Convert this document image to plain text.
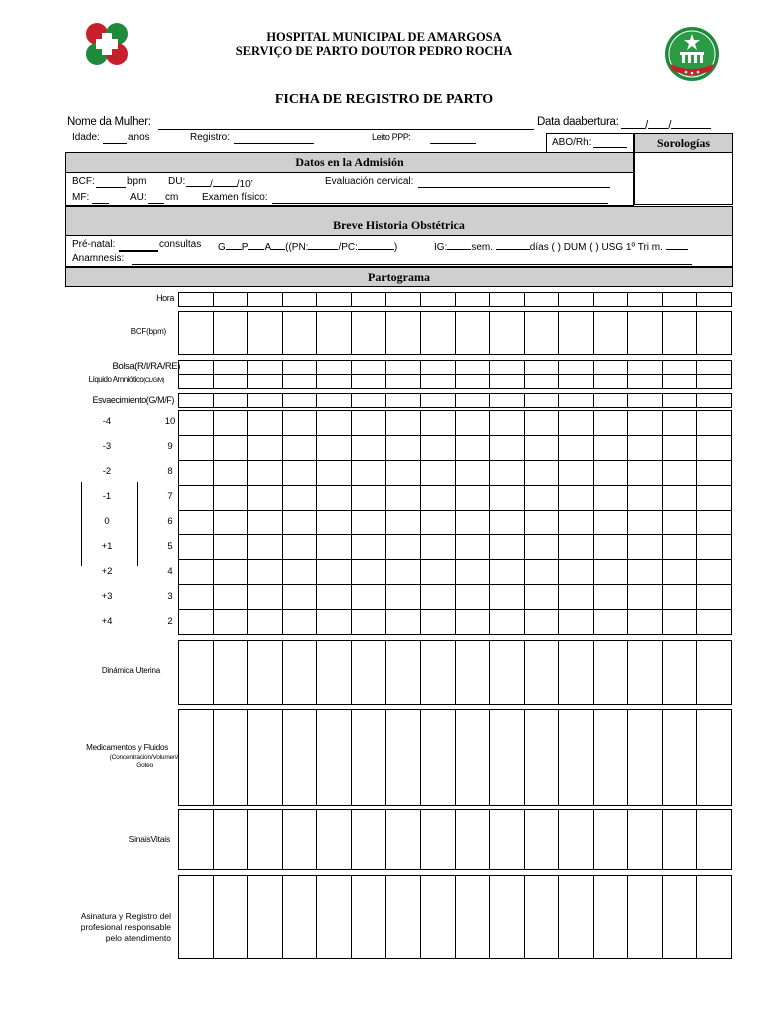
HOSPITAL MUNICIPAL DE AMARGOSA
SERVIÇO DE PARTO DOUTOR PEDRO ROCHA
FICHA DE REGISTRO DE PARTO
Nome da Mulher:	Data daabertura:	/ /
Idade:	anos	Registro:	Leito PPP:	ABO/Rh:	Sorologías
Datos en la Admisión
BCF:	bpm DU:	/ /10’	Evaluación cervical:
MF:	AU: cm Examen físico:
Breve Historia Obstétrica
Pré-natal:	consultas G P A ((PN:	/PC:	)	IG: sem.	días ( ) DUM ( ) USG 1º Tri m.
Anamnesis:
Partograma
Hora
BCF(bpm)
Bolsa(R/I/RA/RE)
Líquido Amniótico(CL/G/M)
Esvaecimiento(G/M/F)
-4	10
-3	9
-2	8
-1	7
0	6
+1	5
+2	4
+3	3
+4	2
Dinámica Uterina
Medicamentos y Fluidos
(Concentracion/Volumen/
Goteo
SinaisVitais
Asinatura y Registro del
profesional responsable
pelo atendimento
